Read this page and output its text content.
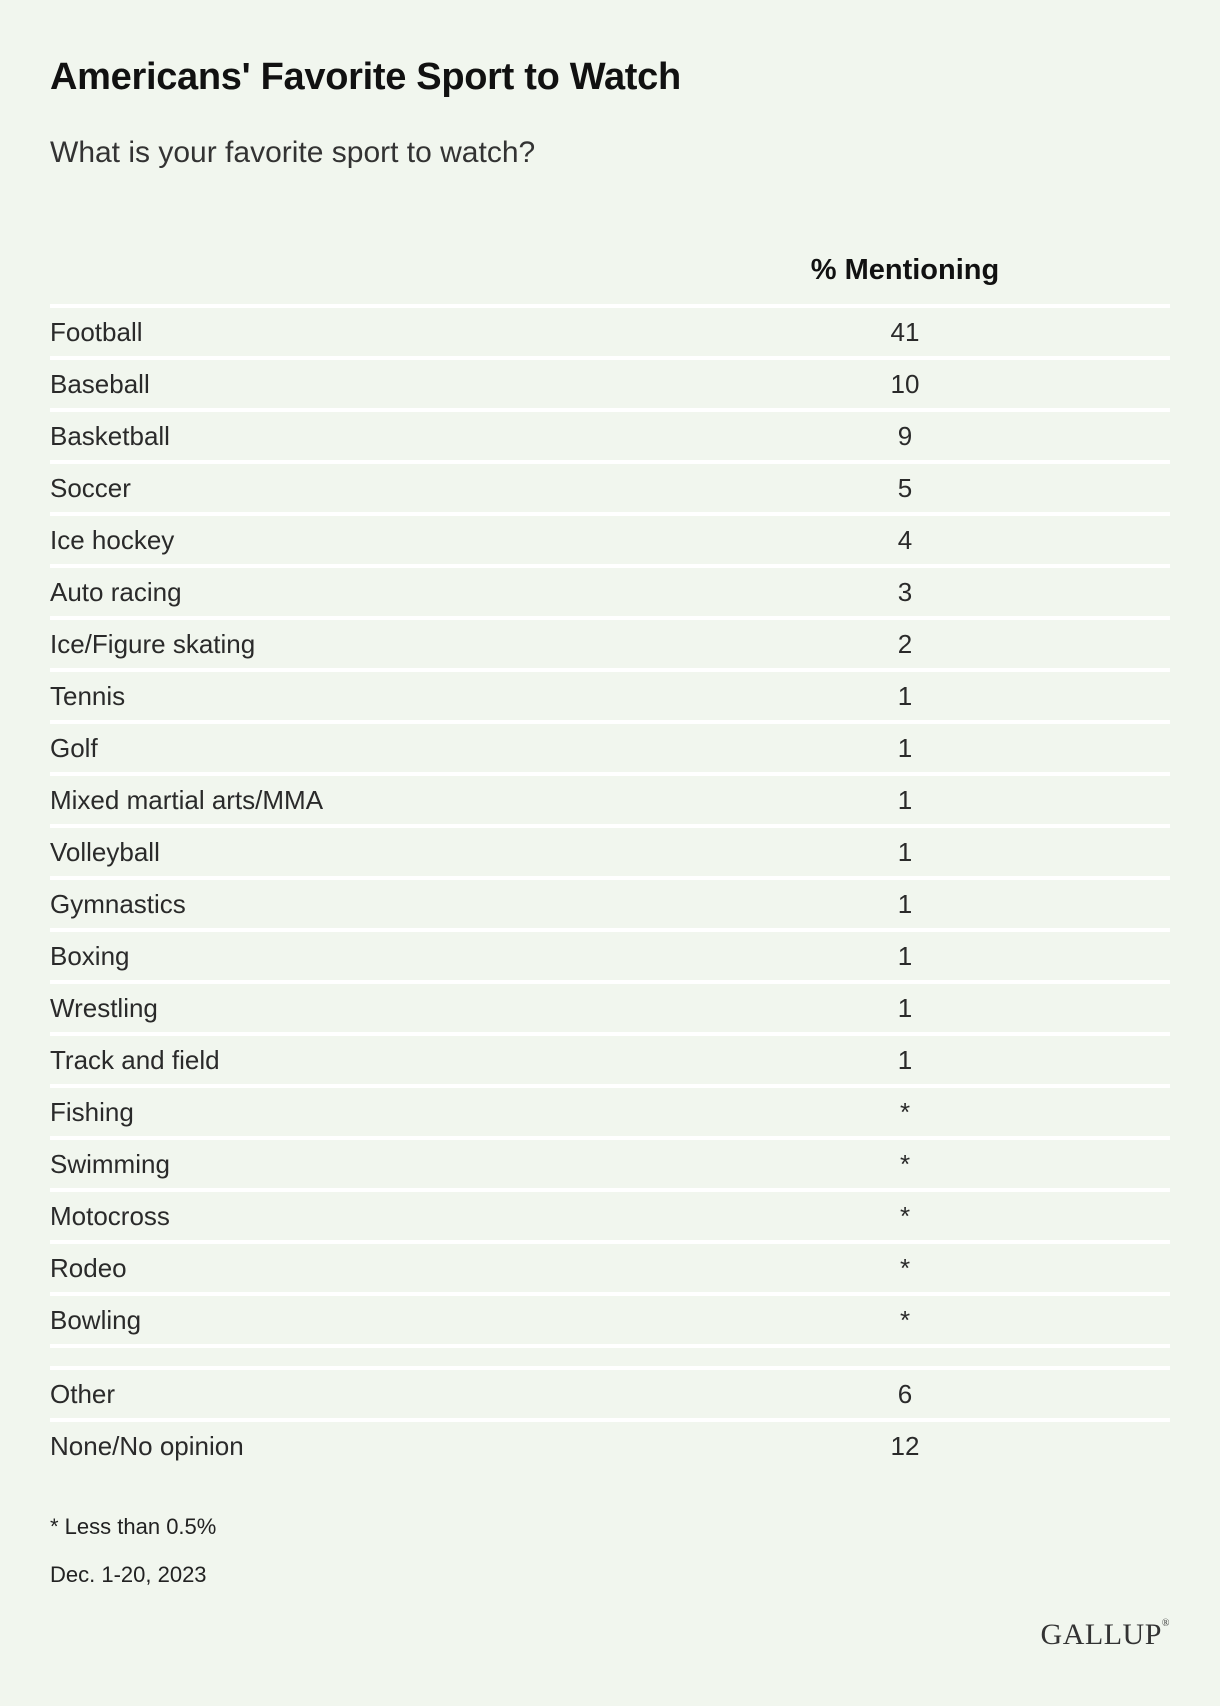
Americans' Favorite Sport to Watch

What is your favorite sport to watch?

% Mentioning
Football	41
Baseball	10
Basketball	9
Soccer	5
Ice hockey	4
Auto racing	3
Ice/Figure skating	2
Tennis	1
Golf	1
Mixed martial arts/MMA	1
Volleyball	1
Gymnastics	1
Boxing	1
Wrestling	1
Track and field	1
Fishing	*
Swimming	*
Motocross	*
Rodeo	*
Bowling	*
Other	6
None/No opinion	12
* Less than 0.5%
Dec. 1-20, 2023
GALLUP®
